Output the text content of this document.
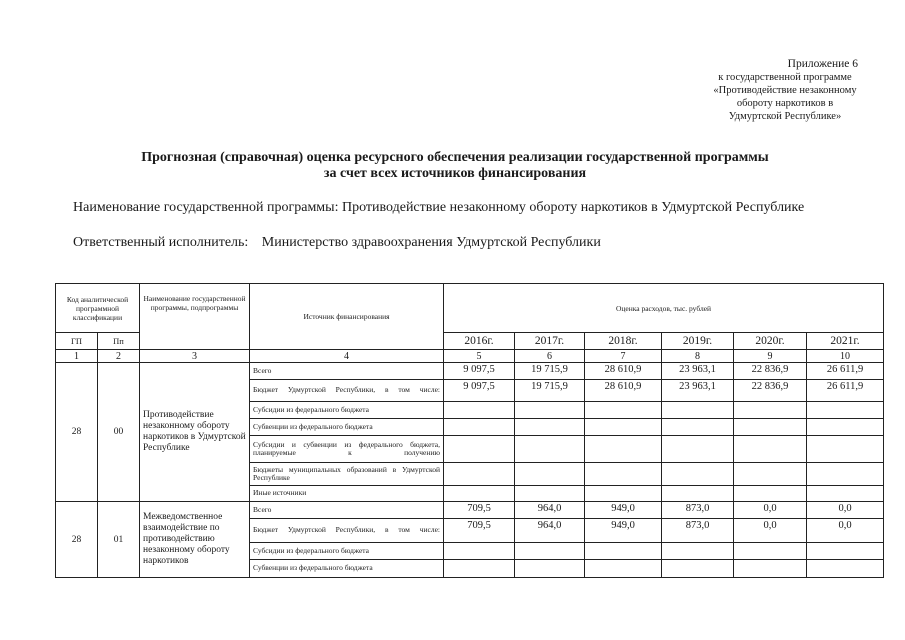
Приложение 6
к государственной программе
«Противодействие незаконному
обороту наркотиков в
Удмуртской Республике»
Прогнозная (справочная) оценка ресурсного обеспечения реализации государственной программы
за счет всех источников финансирования
Наименование государственной программы: Противодействие незаконному обороту наркотиков в Удмуртской Республике
Ответственный исполнитель: Министерство здравоохранения Удмуртской Республики
Код аналитической программной классификации		Наименование государственной программы, подпрограммы	Источник финансирования	Оценка расходов, тыс. рублей					
ГП	Пп			2016г.	2017г.	2018г.	2019г.	2020г.	2021г.
1	2	3	4	5	6	7	8	9	10
28	00	Противодействие незаконному обороту наркотиков в Удмуртской Республике	Всего	9 097,5	19 715,9	28 610,9	23 963,1	22 836,9	26 611,9
			Бюджет Удмуртской Республики, в том числе:	9 097,5	19 715,9	28 610,9	23 963,1	22 836,9	26 611,9
			Субсидии из федерального бюджета						
			Субвенции из федерального бюджета						
			Субсидии и субвенции из федерального бюджета, планируемые к получению						
			Бюджеты муниципальных образований в Удмуртской Республике						
			Иные источники						
28	01	Межведомственное взаимодействие по противодействию незаконному обороту наркотиков	Всего	709,5	964,0	949,0	873,0	0,0	0,0
			Бюджет Удмуртской Республики, в том числе:	709,5	964,0	949,0	873,0	0,0	0,0
			Субсидии из федерального бюджета						
			Субвенции из федерального бюджета						
